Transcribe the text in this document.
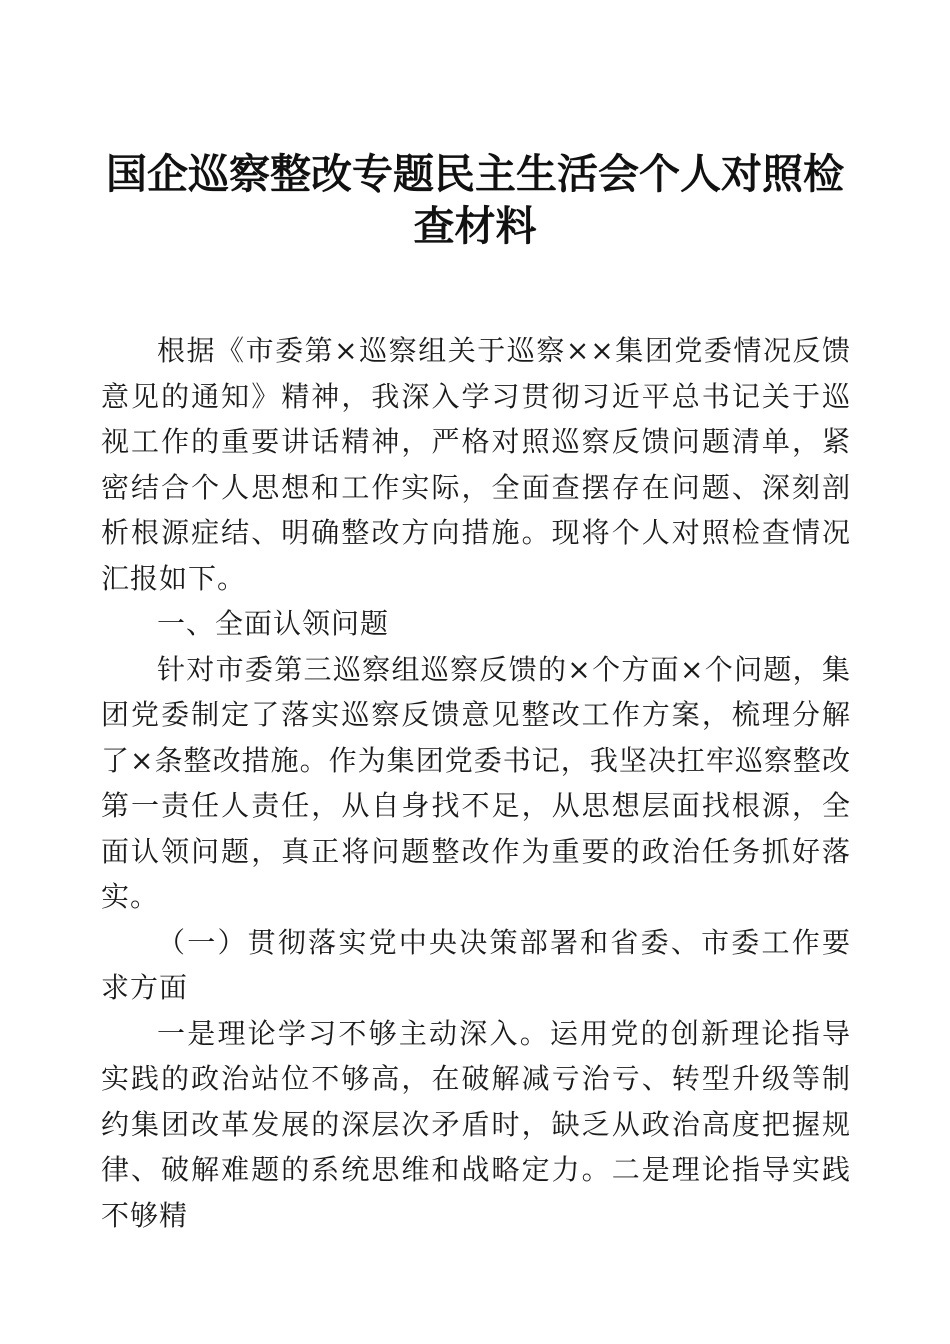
国企巡察整改专题民主生活会个人对照检查材料

根据《市委第×巡察组关于巡察××集团党委情况反馈意见的通知》精神，我深入学习贯彻习近平总书记关于巡视工作的重要讲话精神，严格对照巡察反馈问题清单，紧密结合个人思想和工作实际，全面查摆存在问题、深刻剖析根源症结、明确整改方向措施。现将个人对照检查情况汇报如下。

一、全面认领问题

针对市委第三巡察组巡察反馈的×个方面×个问题，集团党委制定了落实巡察反馈意见整改工作方案，梳理分解了×条整改措施。作为集团党委书记，我坚决扛牢巡察整改第一责任人责任，从自身找不足，从思想层面找根源，全面认领问题，真正将问题整改作为重要的政治任务抓好落实。

（一）贯彻落实党中央决策部署和省委、市委工作要求方面

一是理论学习不够主动深入。运用党的创新理论指导实践的政治站位不够高，在破解减亏治亏、转型升级等制约集团改革发展的深层次矛盾时，缺乏从政治高度把握规律、破解难题的系统思维和战略定力。二是理论指导实践不够精
